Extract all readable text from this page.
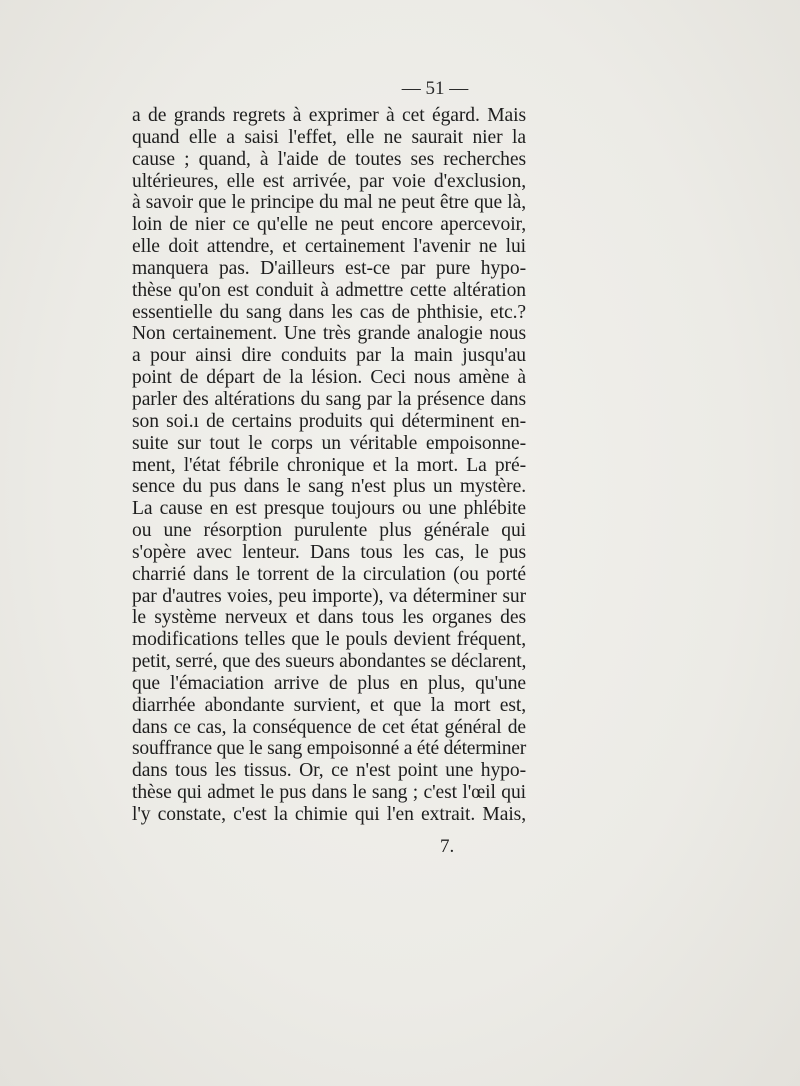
— 51 —
a de grands regrets à exprimer à cet égard. Mais
quand elle a saisi l'effet, elle ne saurait nier la
cause ; quand, à l'aide de toutes ses recherches
ultérieures, elle est arrivée, par voie d'exclusion,
à savoir que le principe du mal ne peut être que là,
loin de nier ce qu'elle ne peut encore apercevoir,
elle doit attendre, et certainement l'avenir ne lui
manquera pas. D'ailleurs est-ce par pure hypo-
thèse qu'on est conduit à admettre cette altération
essentielle du sang dans les cas de phthisie, etc.?
Non certainement. Une très grande analogie nous
a pour ainsi dire conduits par la main jusqu'au
point de départ de la lésion. Ceci nous amène à
parler des altérations du sang par la présence dans
son soi.ı de certains produits qui déterminent en-
suite sur tout le corps un véritable empoisonne-
ment, l'état fébrile chronique et la mort. La pré-
sence du pus dans le sang n'est plus un mystère.
La cause en est presque toujours ou une phlébite
ou une résorption purulente plus générale qui
s'opère avec lenteur. Dans tous les cas, le pus
charrié dans le torrent de la circulation (ou porté
par d'autres voies, peu importe), va déterminer sur
le système nerveux et dans tous les organes des
modifications telles que le pouls devient fréquent,
petit, serré, que des sueurs abondantes se déclarent,
que l'émaciation arrive de plus en plus, qu'une
diarrhée abondante survient, et que la mort est,
dans ce cas, la conséquence de cet état général de
souffrance que le sang empoisonné a été déterminer
dans tous les tissus. Or, ce n'est point une hypo-
thèse qui admet le pus dans le sang ; c'est l'œil qui
l'y constate, c'est la chimie qui l'en extrait. Mais,
7.
